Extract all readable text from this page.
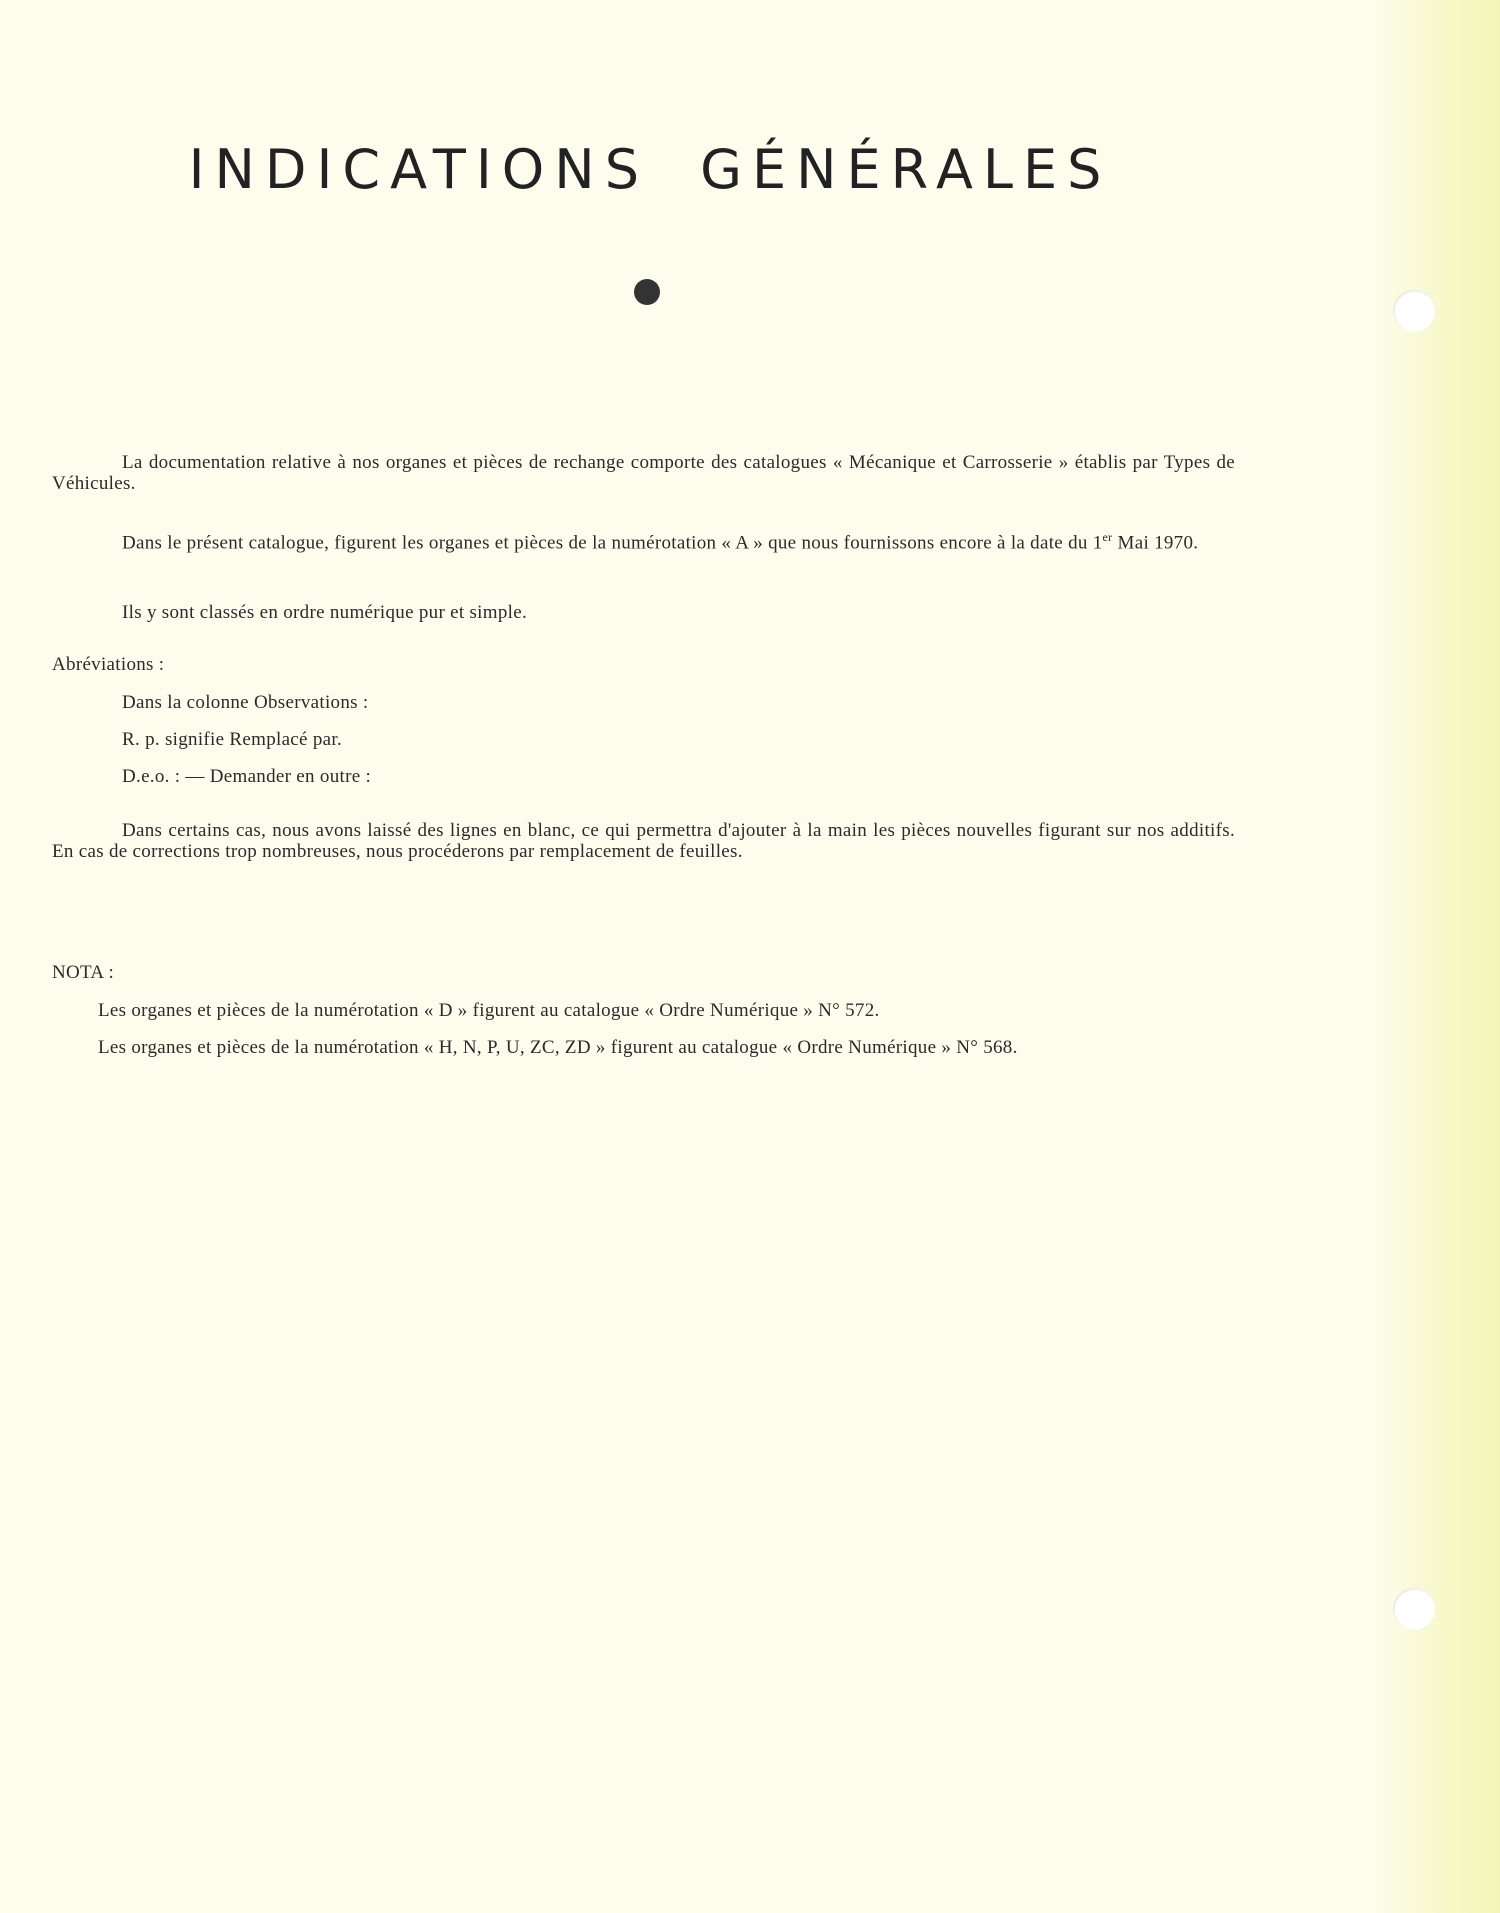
INDICATIONS GÉNÉRALES

La documentation relative à nos organes et pièces de rechange comporte des catalogues « Mécanique et Carrosserie » établis par Types de Véhicules.

Dans le présent catalogue, figurent les organes et pièces de la numérotation « A » que nous fournissons encore à la date du 1er Mai 1970.

Ils y sont classés en ordre numérique pur et simple.

Abréviations :

Dans la colonne Observations :

R. p. signifie Remplacé par.

D.e.o. : — Demander en outre :

Dans certains cas, nous avons laissé des lignes en blanc, ce qui permettra d'ajouter à la main les pièces nouvelles figurant sur nos additifs. En cas de corrections trop nombreuses, nous procéderons par remplacement de feuilles.

NOTA :

Les organes et pièces de la numérotation « D » figurent au catalogue « Ordre Numérique » N° 572.

Les organes et pièces de la numérotation « H, N, P, U, ZC, ZD » figurent au catalogue « Ordre Numérique » N° 568.
